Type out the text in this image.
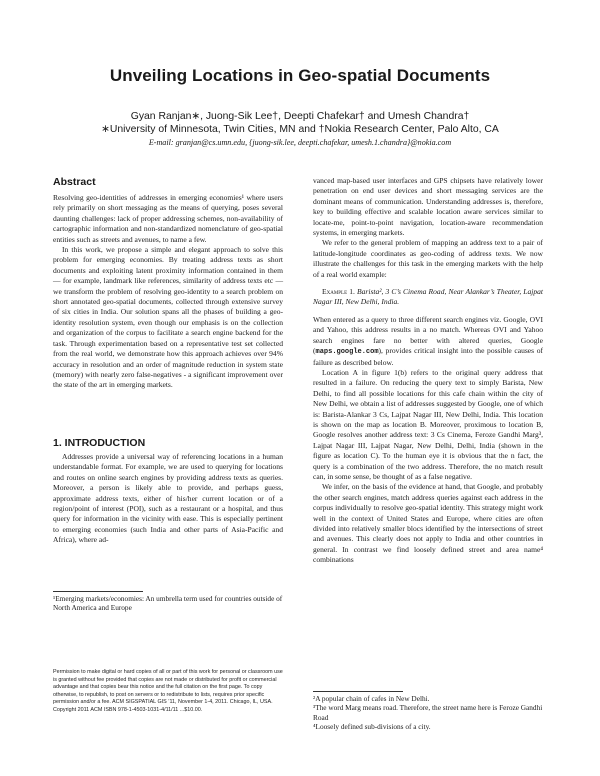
Unveiling Locations in Geo-spatial Documents
Gyan Ranjan∗, Juong-Sik Lee†, Deepti Chafekar† and Umesh Chandra†
∗University of Minnesota, Twin Cities, MN and †Nokia Research Center, Palo Alto, CA
E-mail: granjan@cs.umn.edu, {juong-sik.lee, deepti.chafekar, umesh.1.chandra}@nokia.com
Abstract

Resolving geo-identities of addresses in emerging economies¹ where users rely primarily on short messaging as the means of querying, poses several daunting challenges: lack of proper addressing schemes, non-availability of cartographic information and non-standardized nomenclature of geo-spatial entities such as streets and avenues, to name a few.

In this work, we propose a simple and elegant approach to solve this problem for emerging economies. By treating address texts as short documents and exploiting latent proximity information contained in them — for example, landmark like references, similarity of address texts etc — we transform the problem of resolving geo-identity to a search problem on short annotated geo-spatial documents, collected through extensive survey of six cities in India. Our solution spans all the phases of building a geo-identity resolution system, even though our emphasis is on the collection and organization of the corpus to facilitate a search engine backend for the task. Through experimentation based on a representative test set collected from the real world, we demonstrate how this approach achieves over 94% accuracy in resolution and an order of magnitude reduction in system state (memory) with nearly zero false-negatives - a significant improvement over the state of the art in emerging markets.

1. INTRODUCTION

Addresses provide a universal way of referencing locations in a human understandable format. For example, we are used to querying for locations and routes on online search engines by providing address texts as queries. Moreover, a person is likely able to provide, and perhaps guess, approximate address texts, either of his/her current location or of a region/point of interest (POI), such as a restaurant or a hospital, and thus query for information in the vicinity with ease. This is especially pertinent to emerging economies (such India and other parts of Asia-Pacific and Africa), where ad-

¹Emerging markets/economies: An umbrella term used for countries outside of North America and Europe
Permission to make digital or hard copies of all or part of this work for personal or classroom use is granted without fee provided that copies are not made or distributed for profit or commercial advantage and that copies bear this notice and the full citation on the first page. To copy otherwise, to republish, to post on servers or to redistribute to lists, requires prior specific permission and/or a fee. ACM SIGSPATIAL GIS ’11, November 1-4, 2011. Chicago, IL, USA. Copyright 2011 ACM ISBN 978-1-4503-1031-4/11/11 ...$10.00.

vanced map-based user interfaces and GPS chipsets have relatively lower penetration on end user devices and short messaging services are the dominant means of communication. Understanding addresses is, therefore, key to building effective and scalable location aware services similar to locate-me, point-to-point navigation, location-aware recommendation systems, in emerging markets.

We refer to the general problem of mapping an address text to a pair of latitude-longitude coordinates as geo-coding of address texts. We now illustrate the challenges for this task in the emerging markets with the help of a real world example:

Example 1. Barista², 3 C’s Cinema Road, Near Alankar’s Theater, Lajpat Nagar III, New Delhi, India.

When entered as a query to three different search engines viz. Google, OVI and Yahoo, this address results in a no match. Whereas OVI and Yahoo search engines fare no better with altered queries, Google (maps.google.com), provides critical insight into the possible causes of failure as described below.

Location A in figure 1(b) refers to the original query address that resulted in a failure. On reducing the query text to simply Barista, New Delhi, to find all possible locations for this cafe chain within the city of New Delhi, we obtain a list of addresses suggested by Google, one of which is: Barista-Alankar 3 Cs, Lajpat Nagar III, New Delhi, India. This location is shown on the map as location B. Moreover, proximous to location B, Google resolves another address text: 3 Cs Cinema, Feroze Gandhi Marg³, Lajpat Nagar III, Lajpat Nagar, New Delhi, Delhi, India (shown in the figure as location C). To the human eye it is obvious that the n fact, the query is a combination of the two address. Therefore, the no match result can, in some sense, be thought of as a false negative.

We infer, on the basis of the evidence at hand, that Google, and probably the other search engines, match address queries against each address in the corpus individually to resolve geo-spatial identity. This strategy might work well in the context of United States and Europe, where cities are often divided into relatively smaller blocs identified by the intersections of street and avenues. This clearly does not apply to India and other countries in general. In contrast we find loosely defined street and area name⁴ combinations

²A popular chain of cafes in New Delhi.
³The word Marg means road. Therefore, the street name here is Feroze Gandhi Road
⁴Loosely defined sub-divisions of a city.
